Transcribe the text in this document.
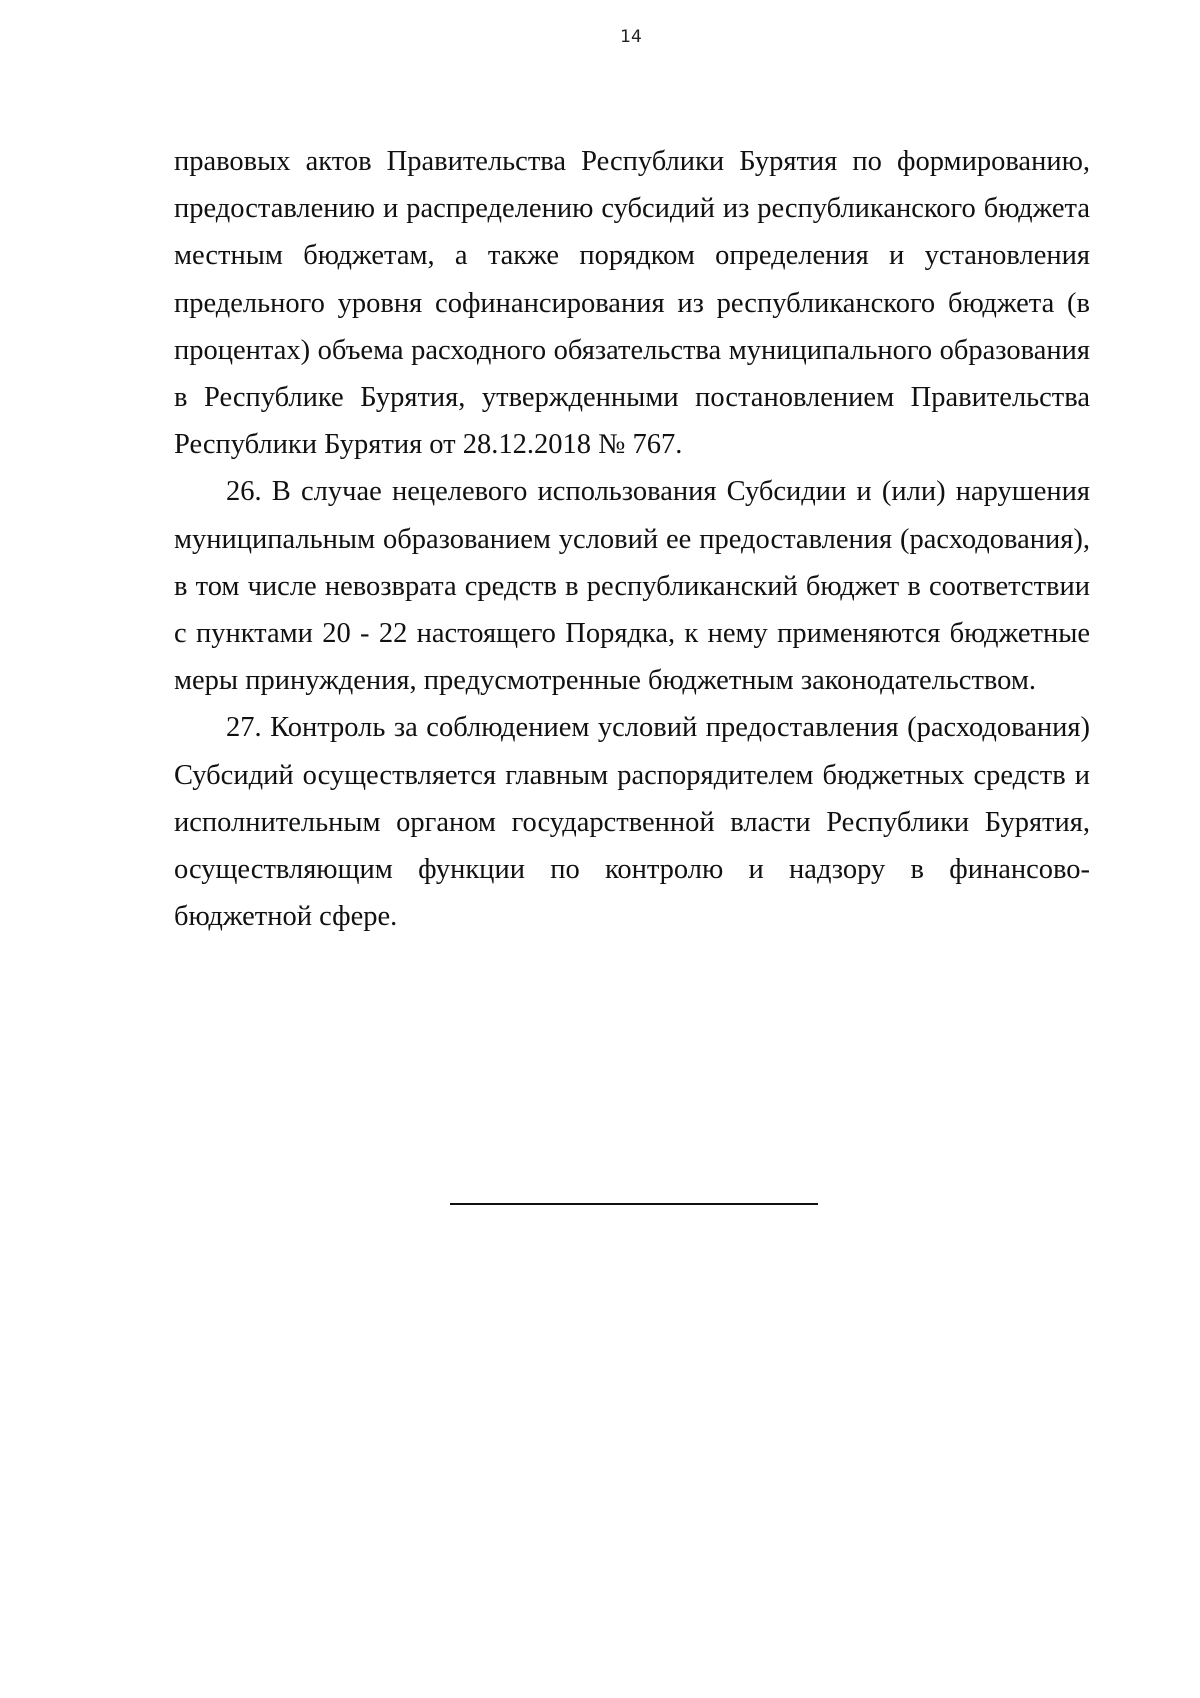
14

правовых актов Правительства Республики Бурятия по формированию, предоставлению и распределению субсидий из республиканского бюджета местным бюджетам, а также порядком определения и установления предельного уровня софинансирования из республиканского бюджета (в процентах) объема расходного обязательства муниципального образования в Республике Бурятия, утвержденными постановлением Правительства Республики Бурятия от 28.12.2018 № 767.

26. В случае нецелевого использования Субсидии и (или) нарушения муниципальным образованием условий ее предоставления (расходования), в том числе невозврата средств в республиканский бюджет в соответствии с пунктами 20 - 22 настоящего Порядка, к нему применяются бюджетные меры принуждения, предусмотренные бюджетным законодательством.

27. Контроль за соблюдением условий предоставления (расходования) Субсидий осуществляется главным распорядителем бюджетных средств и исполнительным органом государственной власти Республики Бурятия, осуществляющим функции по контролю и надзору в финансово-бюджетной сфере.
